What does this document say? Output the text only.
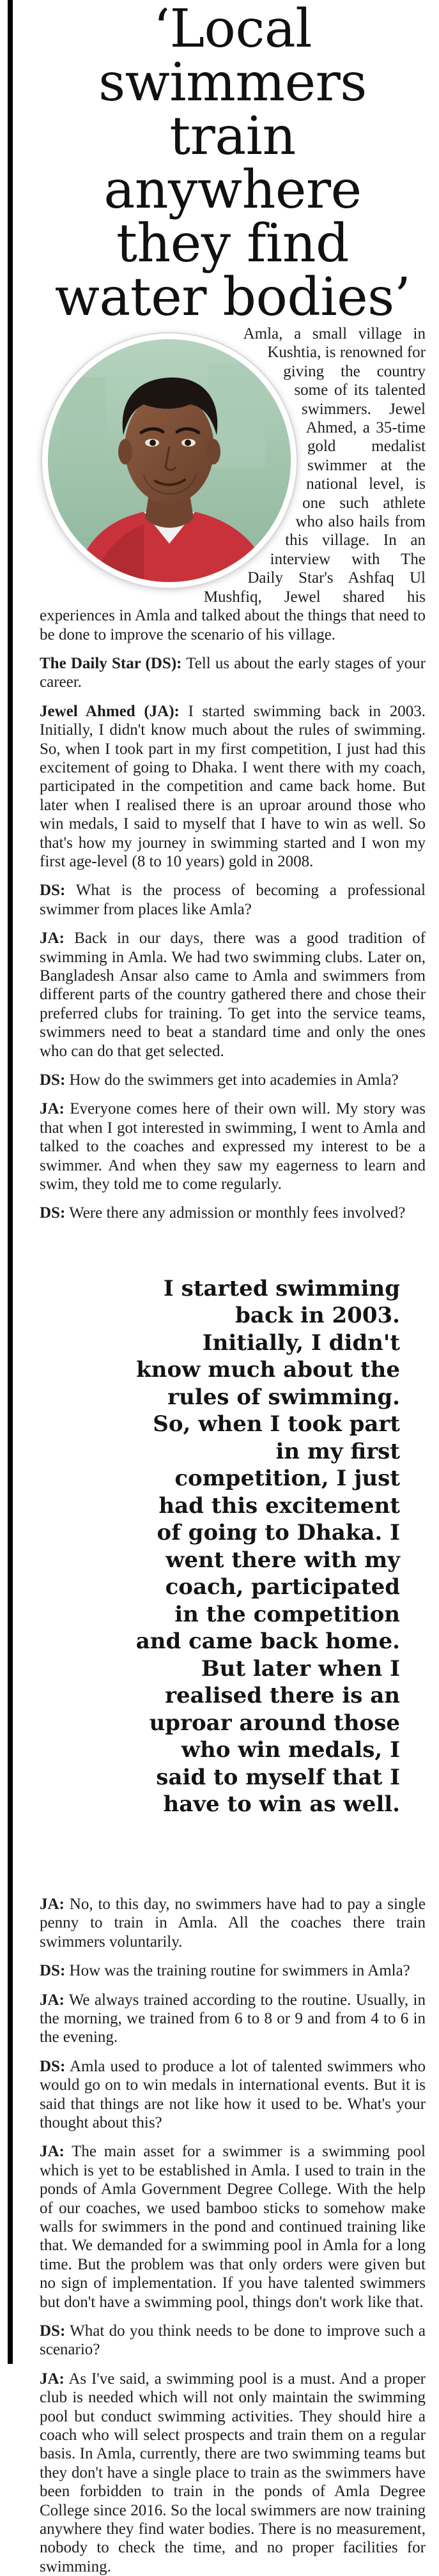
‘Local swimmers train anywhere they find water bodies’

Amla, a small village in Kushtia, is renowned for giving the country some of its talented swimmers. Jewel Ahmed, a 35-time gold medalist swimmer at the national level, is one such athlete who also hails from this village. In an interview with The Daily Star's Ashfaq Ul Mushfiq, Jewel shared his experiences in Amla and talked about the things that need to be done to improve the scenario of his village.

The Daily Star (DS): Tell us about the early stages of your career.

Jewel Ahmed (JA): I started swimming back in 2003. Initially, I didn't know much about the rules of swimming. So, when I took part in my first competition, I just had this excitement of going to Dhaka. I went there with my coach, participated in the competition and came back home. But later when I realised there is an uproar around those who win medals, I said to myself that I have to win as well. So that's how my journey in swimming started and I won my first age-level (8 to 10 years) gold in 2008.

DS: What is the process of becoming a professional swimmer from places like Amla?

JA: Back in our days, there was a good tradition of swimming in Amla. We had two swimming clubs. Later on, Bangladesh Ansar also came to Amla and swimmers from different parts of the country gathered there and chose their preferred clubs for training. To get into the service teams, swimmers need to beat a standard time and only the ones who can do that get selected.

DS: How do the swimmers get into academies in Amla?

JA: Everyone comes here of their own will. My story was that when I got interested in swimming, I went to Amla and talked to the coaches and expressed my interest to be a swimmer. And when they saw my eagerness to learn and swim, they told me to come regularly.

DS: Were there any admission or monthly fees involved?

I started swimming back in 2003. Initially, I didn't know much about the rules of swimming. So, when I took part in my first competition, I just had this excitement of going to Dhaka. I went there with my coach, participated in the competition and came back home. But later when I realised there is an uproar around those who win medals, I said to myself that I have to win as well.

JA: No, to this day, no swimmers have had to pay a single penny to train in Amla. All the coaches there train swimmers voluntarily.

DS: How was the training routine for swimmers in Amla?

JA: We always trained according to the routine. Usually, in the morning, we trained from 6 to 8 or 9 and from 4 to 6 in the evening.

DS: Amla used to produce a lot of talented swimmers who would go on to win medals in international events. But it is said that things are not like how it used to be. What's your thought about this?

JA: The main asset for a swimmer is a swimming pool which is yet to be established in Amla. I used to train in the ponds of Amla Government Degree College. With the help of our coaches, we used bamboo sticks to somehow make walls for swimmers in the pond and continued training like that. We demanded for a swimming pool in Amla for a long time. But the problem was that only orders were given but no sign of implementation. If you have talented swimmers but don't have a swimming pool, things don't work like that.

DS: What do you think needs to be done to improve such a scenario?

JA: As I've said, a swimming pool is a must. And a proper club is needed which will not only maintain the swimming pool but conduct swimming activities. They should hire a coach who will select prospects and train them on a regular basis. In Amla, currently, there are two swimming teams but they don't have a single place to train as the swimmers have been forbidden to train in the ponds of Amla Degree College since 2016. So the local swimmers are now training anywhere they find water bodies. There is no measurement, nobody to check the time, and no proper facilities for swimming.
